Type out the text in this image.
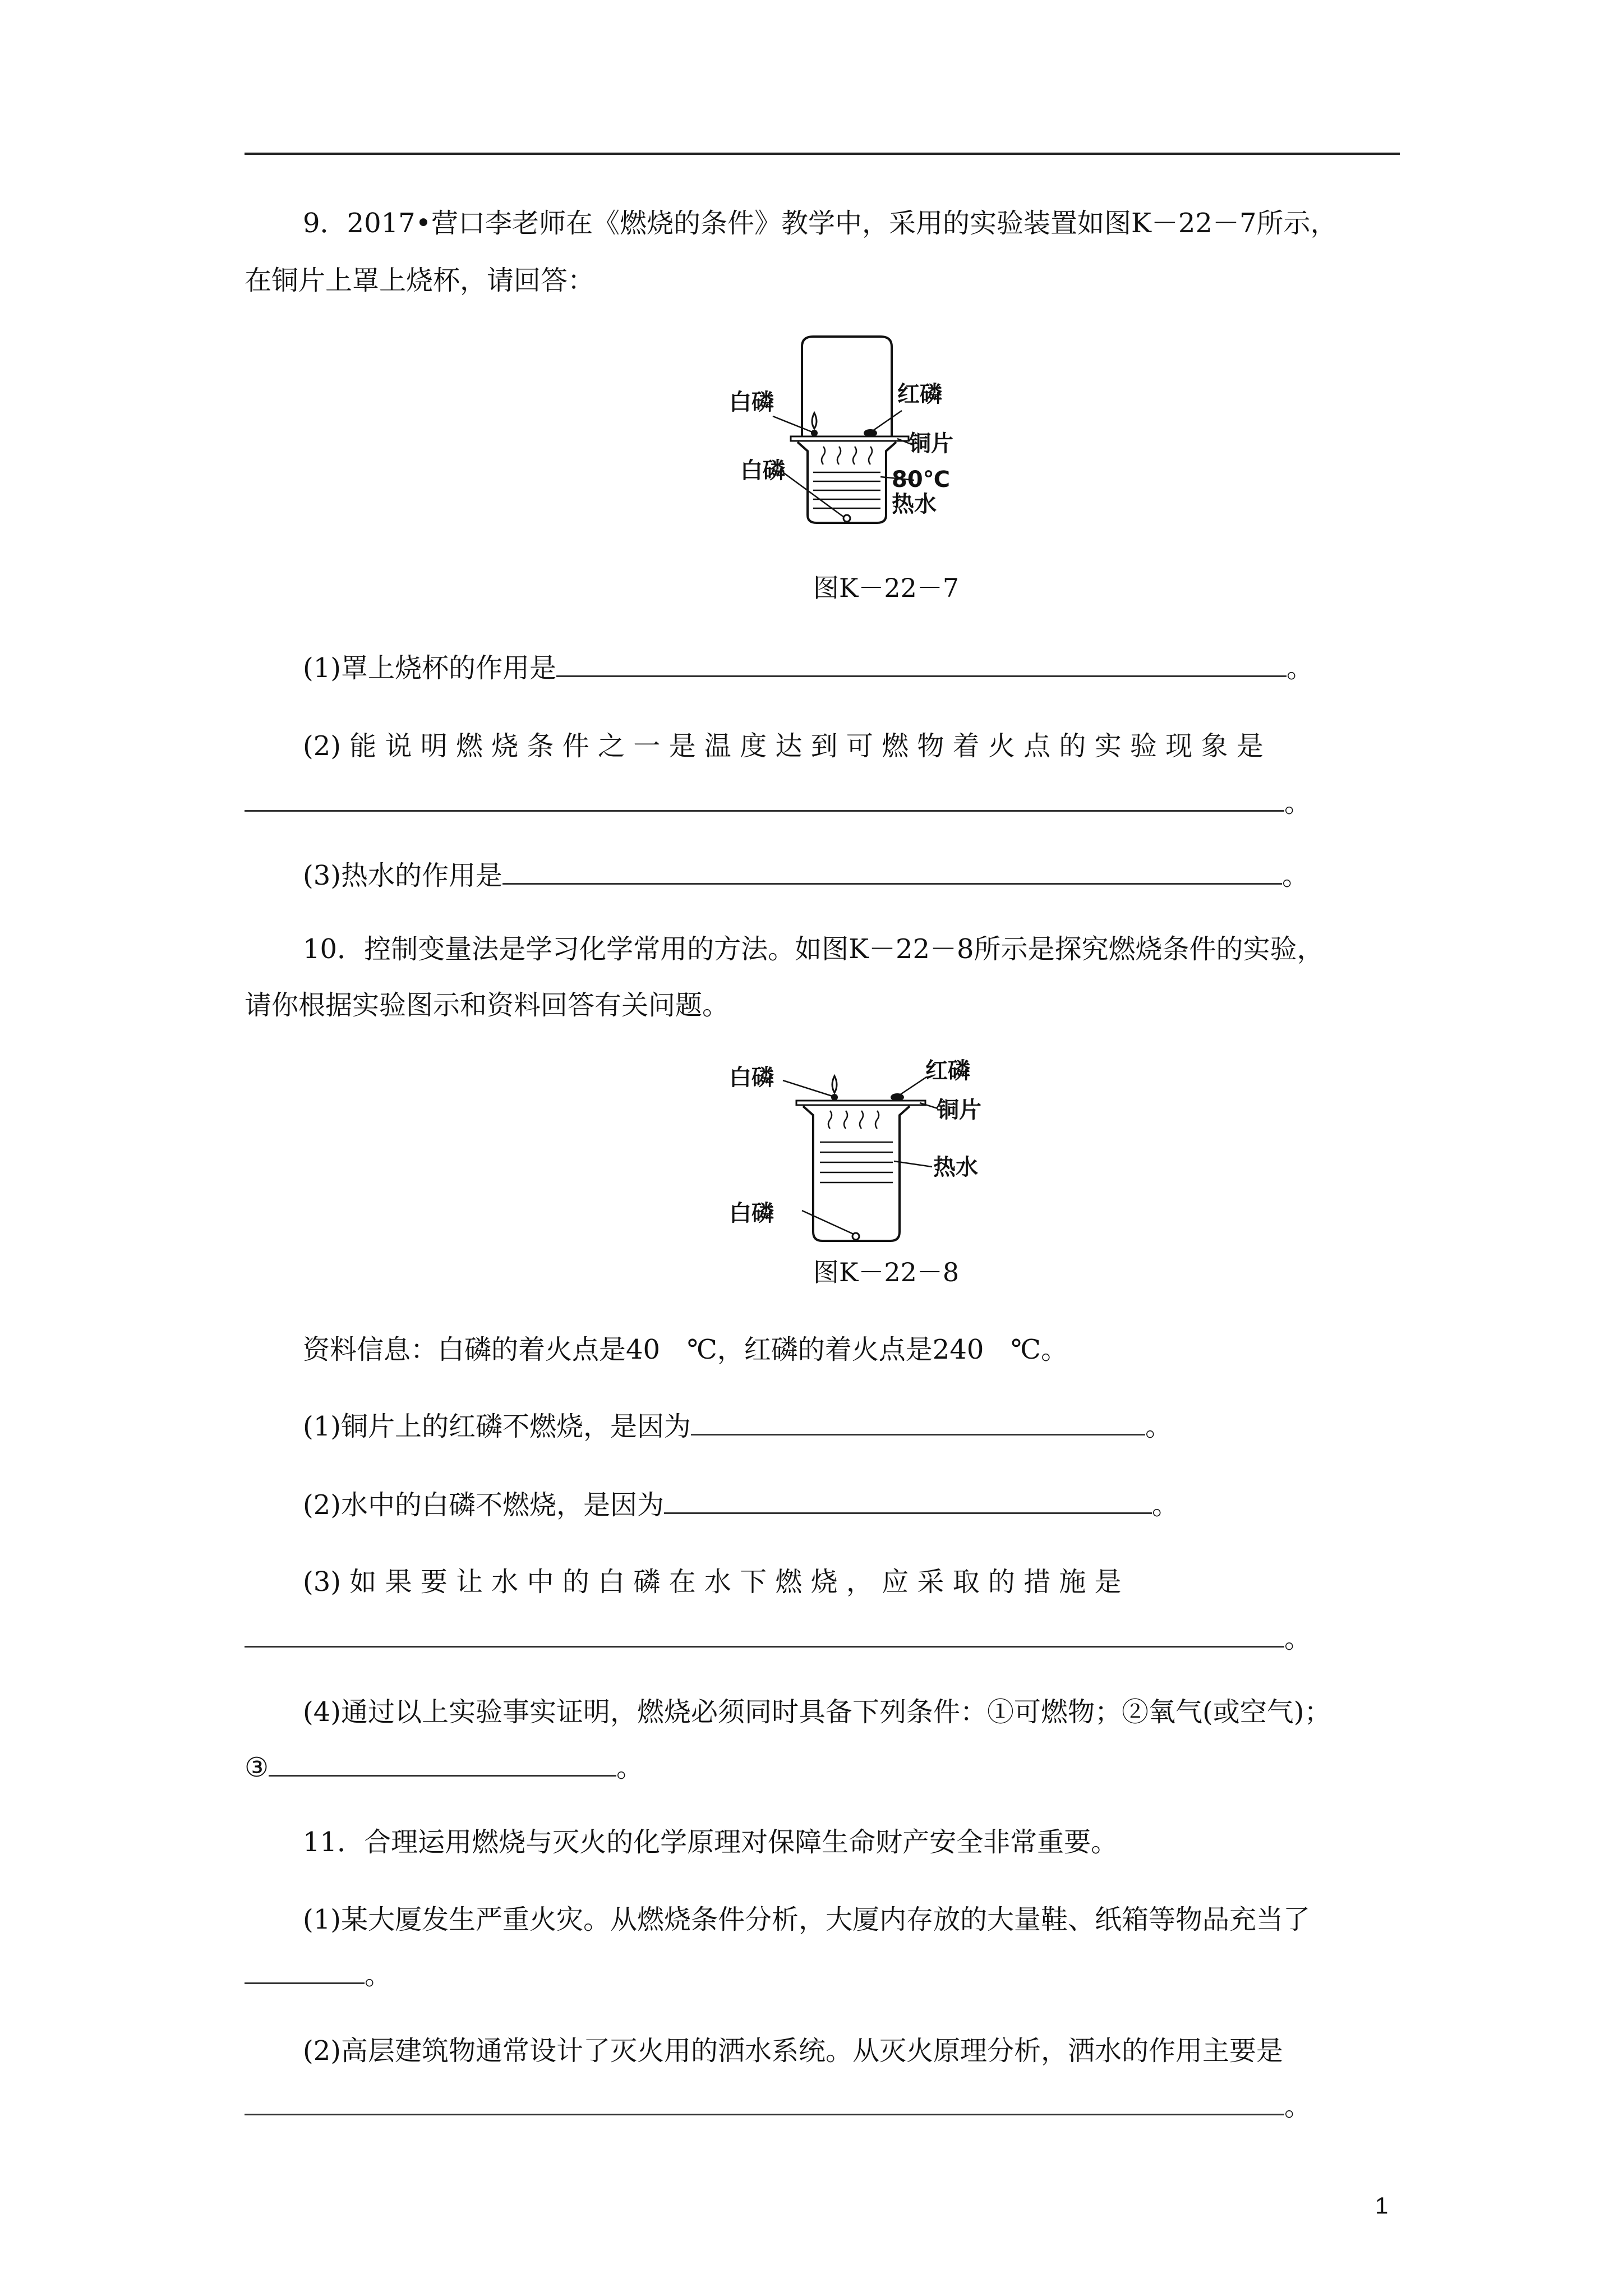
9．2017•营口李老师在《燃烧的条件》教学中，采用的实验装置如图K－22－7所示，
在铜片上罩上烧杯，请回答：
白磷	红磷
铜片
白磷	80℃
热水
图K－22－7
(1)罩上烧杯的作用是	。
(2) 能 说 明 燃 烧 条 件 之 一 是 温 度 达 到 可 燃 物 着 火 点 的 实 验 现 象 是
。
(3)热水的作用是	。
10．控制变量法是学习化学常用的方法。如图K－22－8所示是探究燃烧条件的实验，
请你根据实验图示和资料回答有关问题。
白磷	红磷
铜片
热水
白磷
图K－22－8
资料信息：白磷的着火点是40　℃，红磷的着火点是240　℃。
(1)铜片上的红磷不燃烧，是因为	。
(2)水中的白磷不燃烧，是因为	。
(3) 如 果 要 让 水 中 的 白 磷 在 水 下 燃 烧 ， 应 采 取 的 措 施 是
。
(4)通过以上实验事实证明，燃烧必须同时具备下列条件：①可燃物；②氧气(或空气)；
③	。
11．合理运用燃烧与灭火的化学原理对保障生命财产安全非常重要。
(1)某大厦发生严重火灾。从燃烧条件分析，大厦内存放的大量鞋、纸箱等物品充当了
。
(2)高层建筑物通常设计了灭火用的洒水系统。从灭火原理分析，洒水的作用主要是
。
1
